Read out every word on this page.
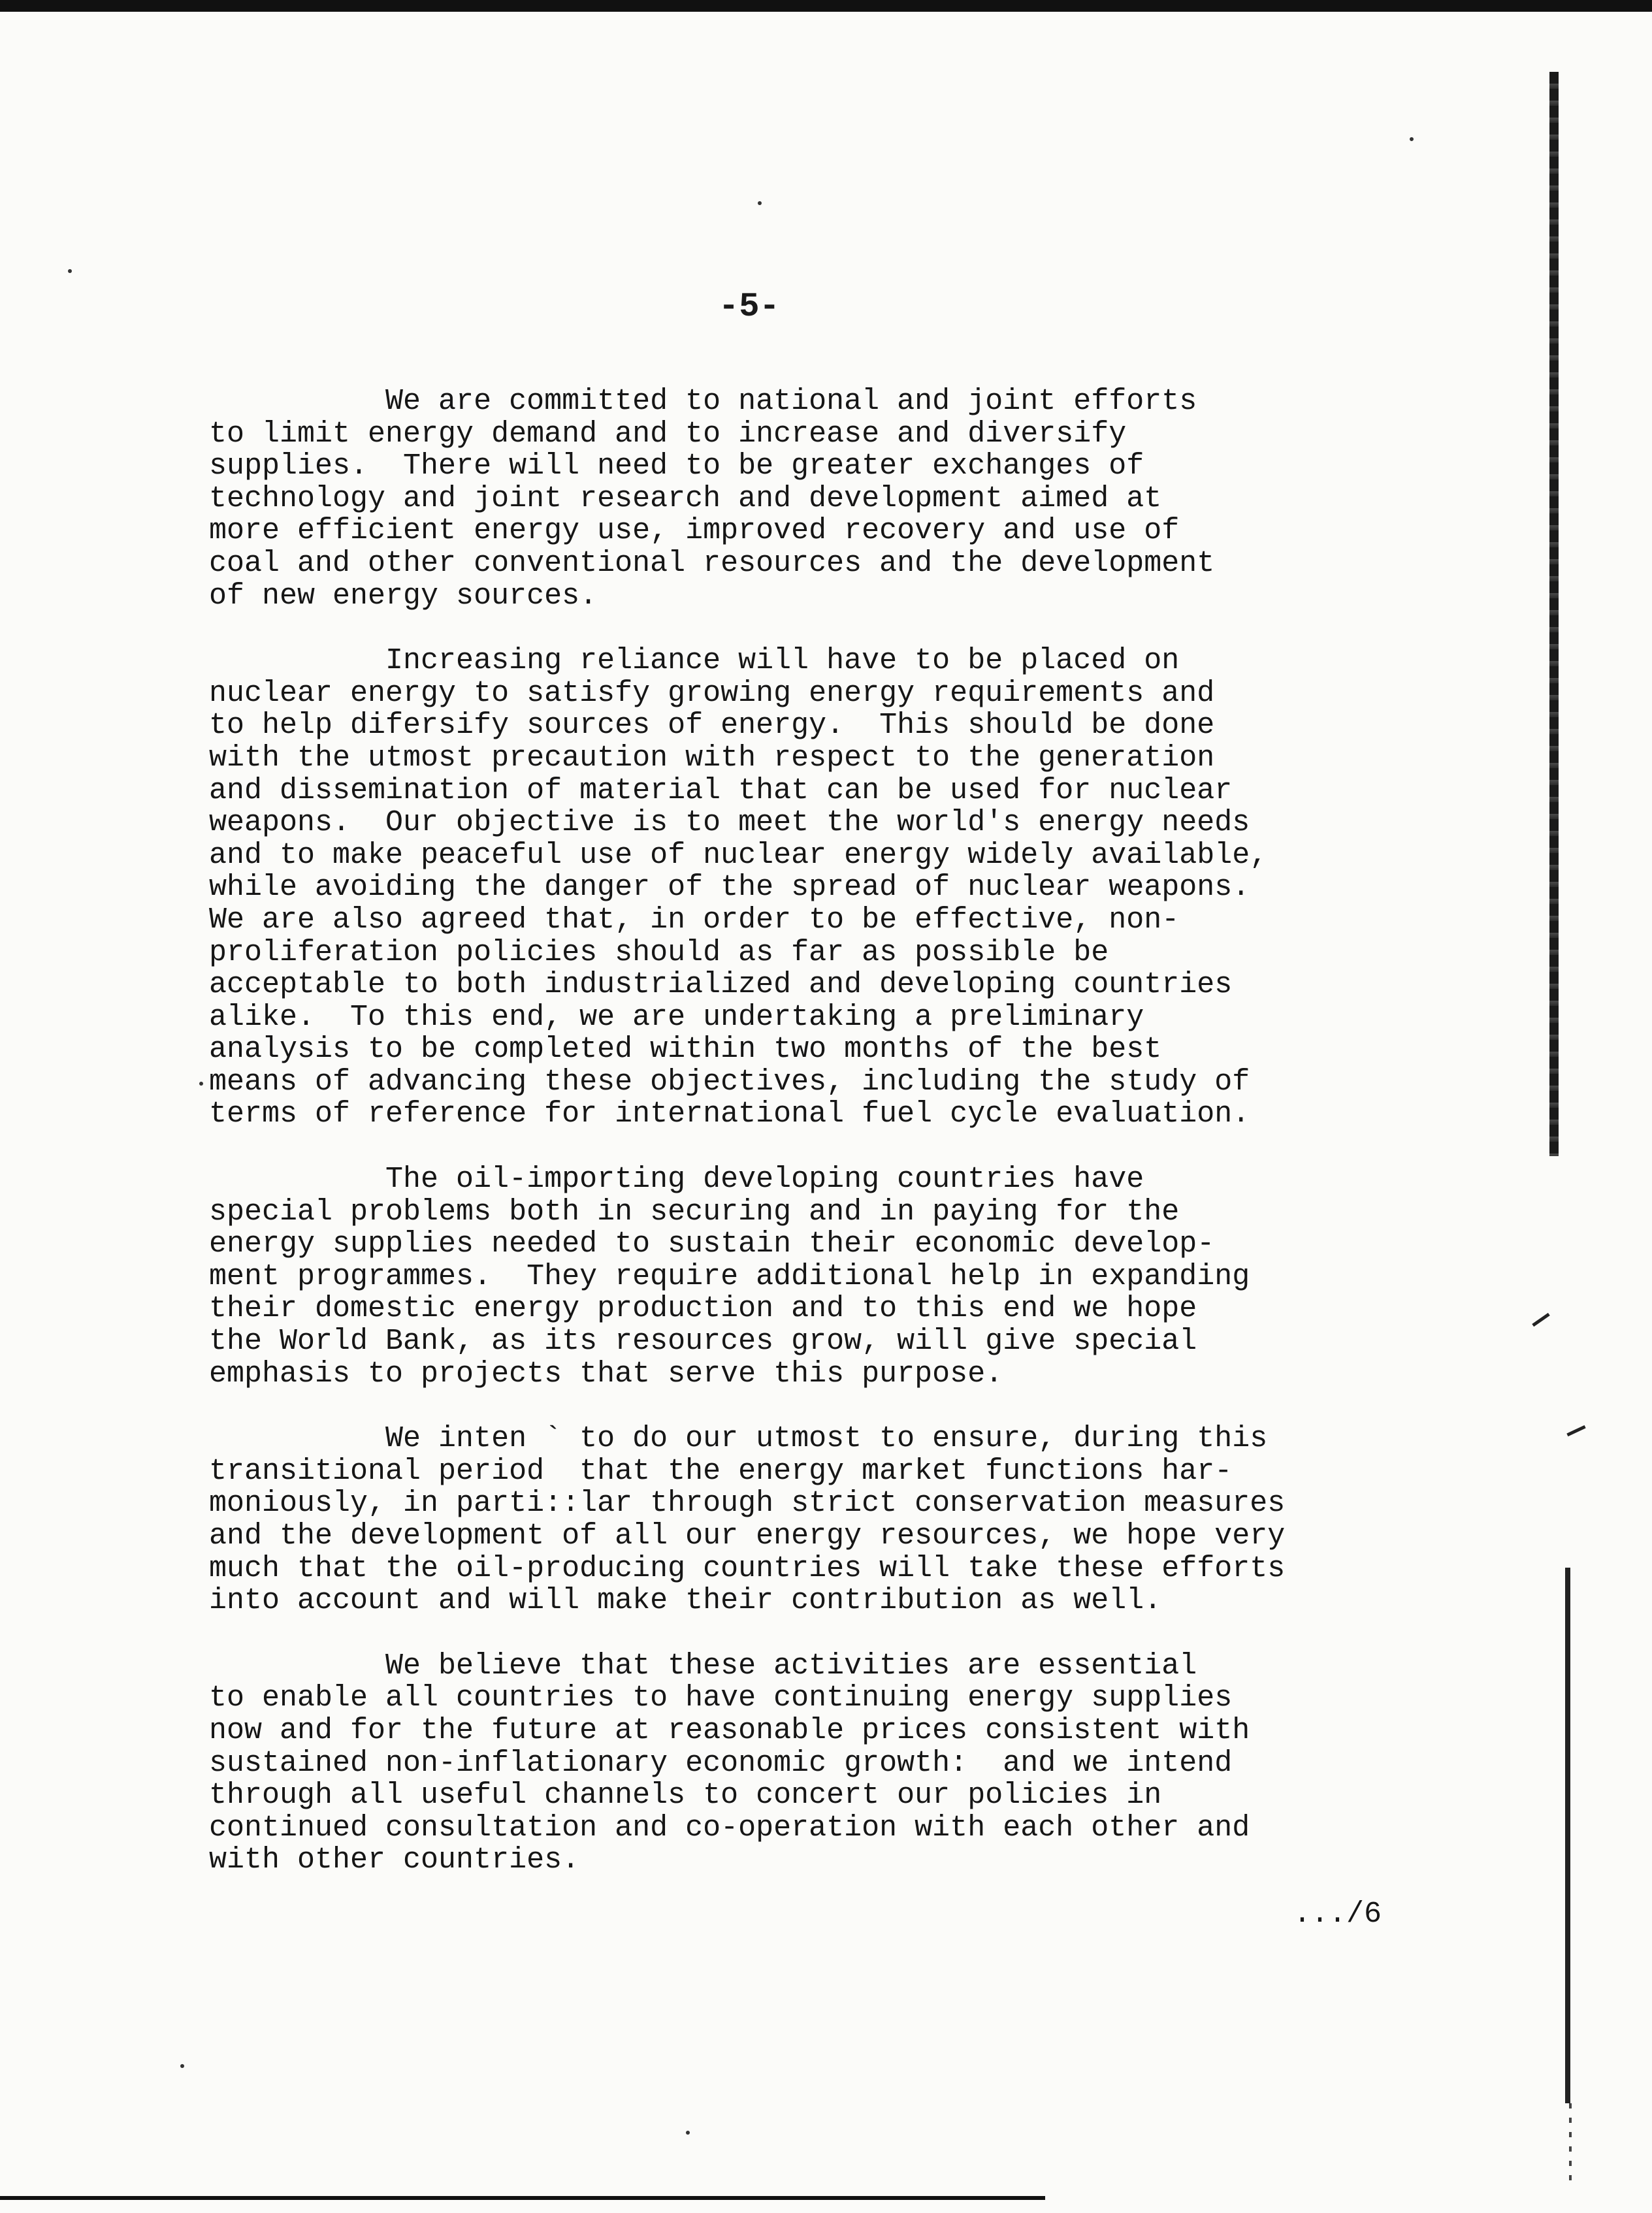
-5-

We are committed to national and joint efforts
to limit energy demand and to increase and diversify
supplies.  There will need to be greater exchanges of
technology and joint research and development aimed at
more efficient energy use, improved recovery and use of
coal and other conventional resources and the development
of new energy sources.

Increasing reliance will have to be placed on
nuclear energy to satisfy growing energy requirements and
to help difersify sources of energy.  This should be done
with the utmost precaution with respect to the generation
and dissemination of material that can be used for nuclear
weapons.  Our objective is to meet the world's energy needs
and to make peaceful use of nuclear energy widely available,
while avoiding the danger of the spread of nuclear weapons.
We are also agreed that, in order to be effective, non-
proliferation policies should as far as possible be
acceptable to both industrialized and developing countries
alike.  To this end, we are undertaking a preliminary
analysis to be completed within two months of the best
means of advancing these objectives, including the study of
terms of reference for international fuel cycle evaluation.

The oil-importing developing countries have
special problems both in securing and in paying for the
energy supplies needed to sustain their economic develop-
ment programmes.  They require additional help in expanding
their domestic energy production and to this end we hope
the World Bank, as its resources grow, will give special
emphasis to projects that serve this purpose.

We inten ` to do our utmost to ensure, during this
transitional period  that the energy market functions har-
moniously, in parti::lar through strict conservation measures
and the development of all our energy resources, we hope very
much that the oil-producing countries will take these efforts
into account and will make their contribution as well.

We believe that these activities are essential
to enable all countries to have continuing energy supplies
now and for the future at reasonable prices consistent with
sustained non-inflationary economic growth:  and we intend
through all useful channels to concert our policies in
continued consultation and co-operation with each other and
with other countries.

.../6
